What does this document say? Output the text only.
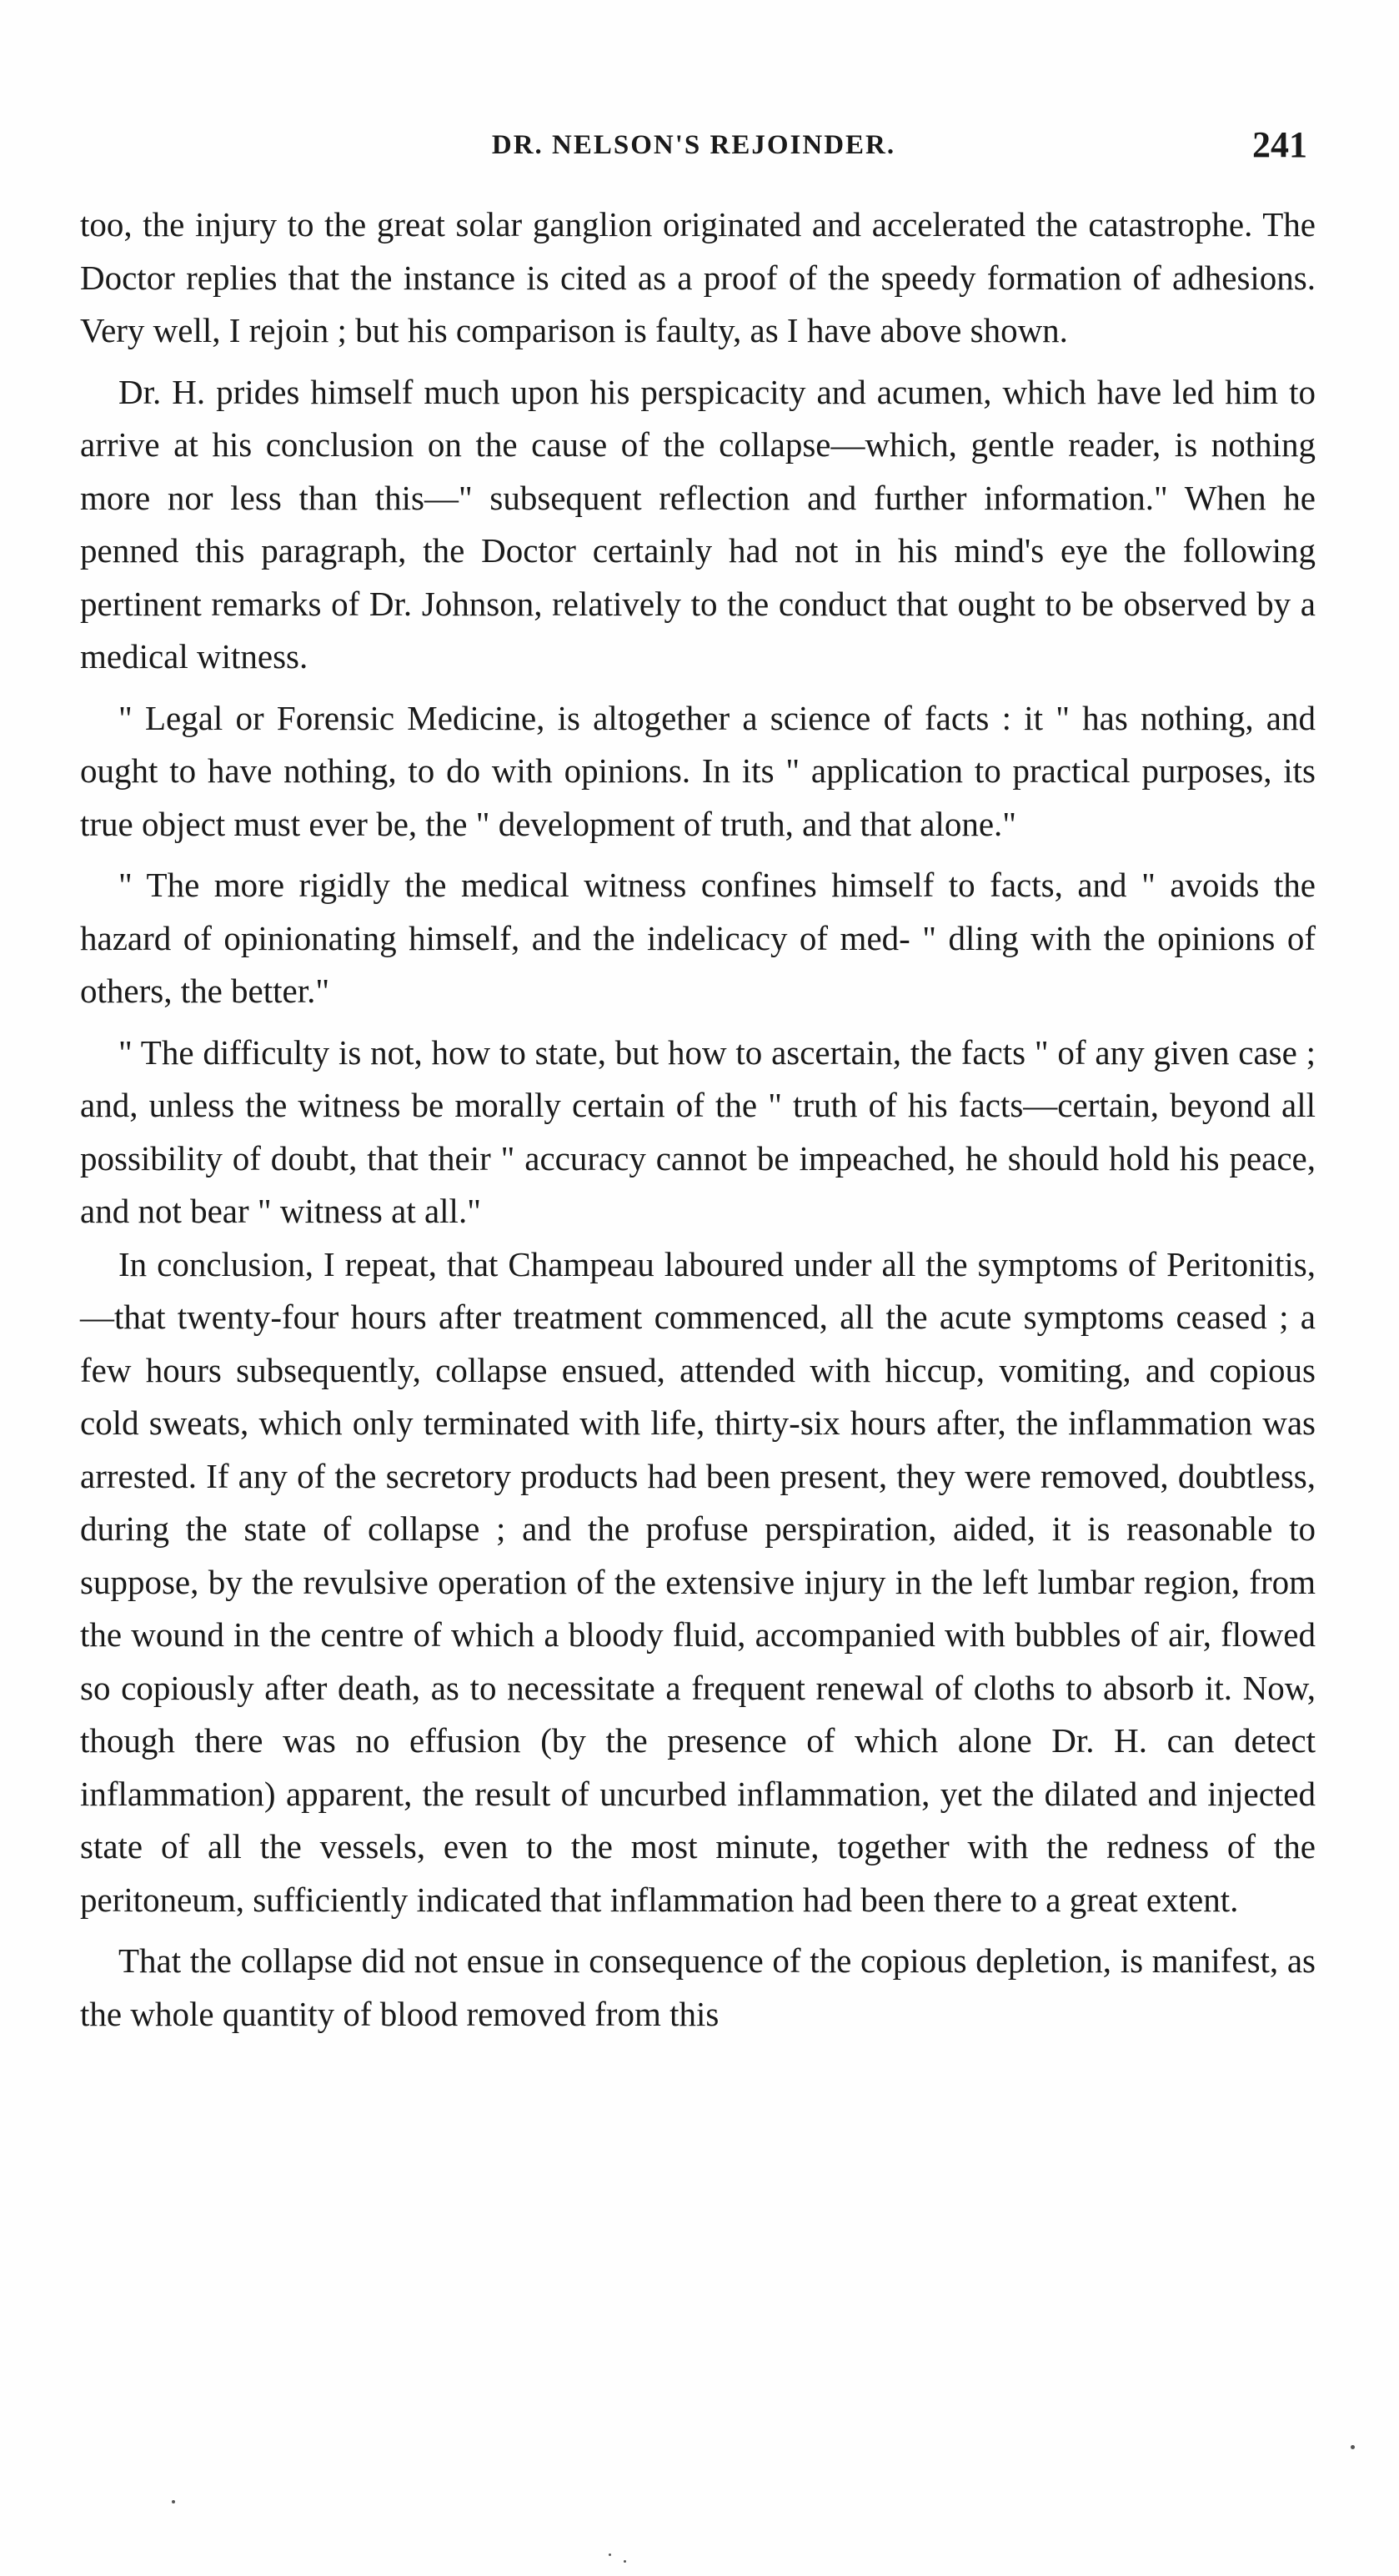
DR. NELSON'S REJOINDER.	241

too, the injury to the great solar ganglion originated and accelerated the catastrophe. The Doctor replies that the instance is cited as a proof of the speedy formation of adhesions. Very well, I rejoin ; but his comparison is faulty, as I have above shown.

Dr. H. prides himself much upon his perspicacity and acumen, which have led him to arrive at his conclusion on the cause of the collapse—which, gentle reader, is nothing more nor less than this—" subsequent reflection and further information." When he penned this paragraph, the Doctor certainly had not in his mind's eye the following pertinent remarks of Dr. Johnson, relatively to the conduct that ought to be observed by a medical witness.

" Legal or Forensic Medicine, is altogether a science of facts : it " has nothing, and ought to have nothing, to do with opinions. In its " application to practical purposes, its true object must ever be, the " development of truth, and that alone."

" The more rigidly the medical witness confines himself to facts, and " avoids the hazard of opinionating himself, and the indelicacy of med- " dling with the opinions of others, the better."

" The difficulty is not, how to state, but how to ascertain, the facts " of any given case ; and, unless the witness be morally certain of the " truth of his facts—certain, beyond all possibility of doubt, that their " accuracy cannot be impeached, he should hold his peace, and not bear " witness at all."

In conclusion, I repeat, that Champeau laboured under all the symptoms of Peritonitis,—that twenty-four hours after treatment commenced, all the acute symptoms ceased ; a few hours subsequently, collapse ensued, attended with hiccup, vomiting, and copious cold sweats, which only terminated with life, thirty-six hours after, the inflammation was arrested. If any of the secretory products had been present, they were removed, doubtless, during the state of collapse ; and the profuse perspiration, aided, it is reasonable to suppose, by the revulsive operation of the extensive injury in the left lumbar region, from the wound in the centre of which a bloody fluid, accompanied with bubbles of air, flowed so copiously after death, as to necessitate a frequent renewal of cloths to absorb it. Now, though there was no effusion (by the presence of which alone Dr. H. can detect inflammation) apparent, the result of uncurbed inflammation, yet the dilated and injected state of all the vessels, even to the most minute, together with the redness of the peritoneum, sufficiently indicated that inflammation had been there to a great extent.

That the collapse did not ensue in consequence of the copious depletion, is manifest, as the whole quantity of blood removed from this
